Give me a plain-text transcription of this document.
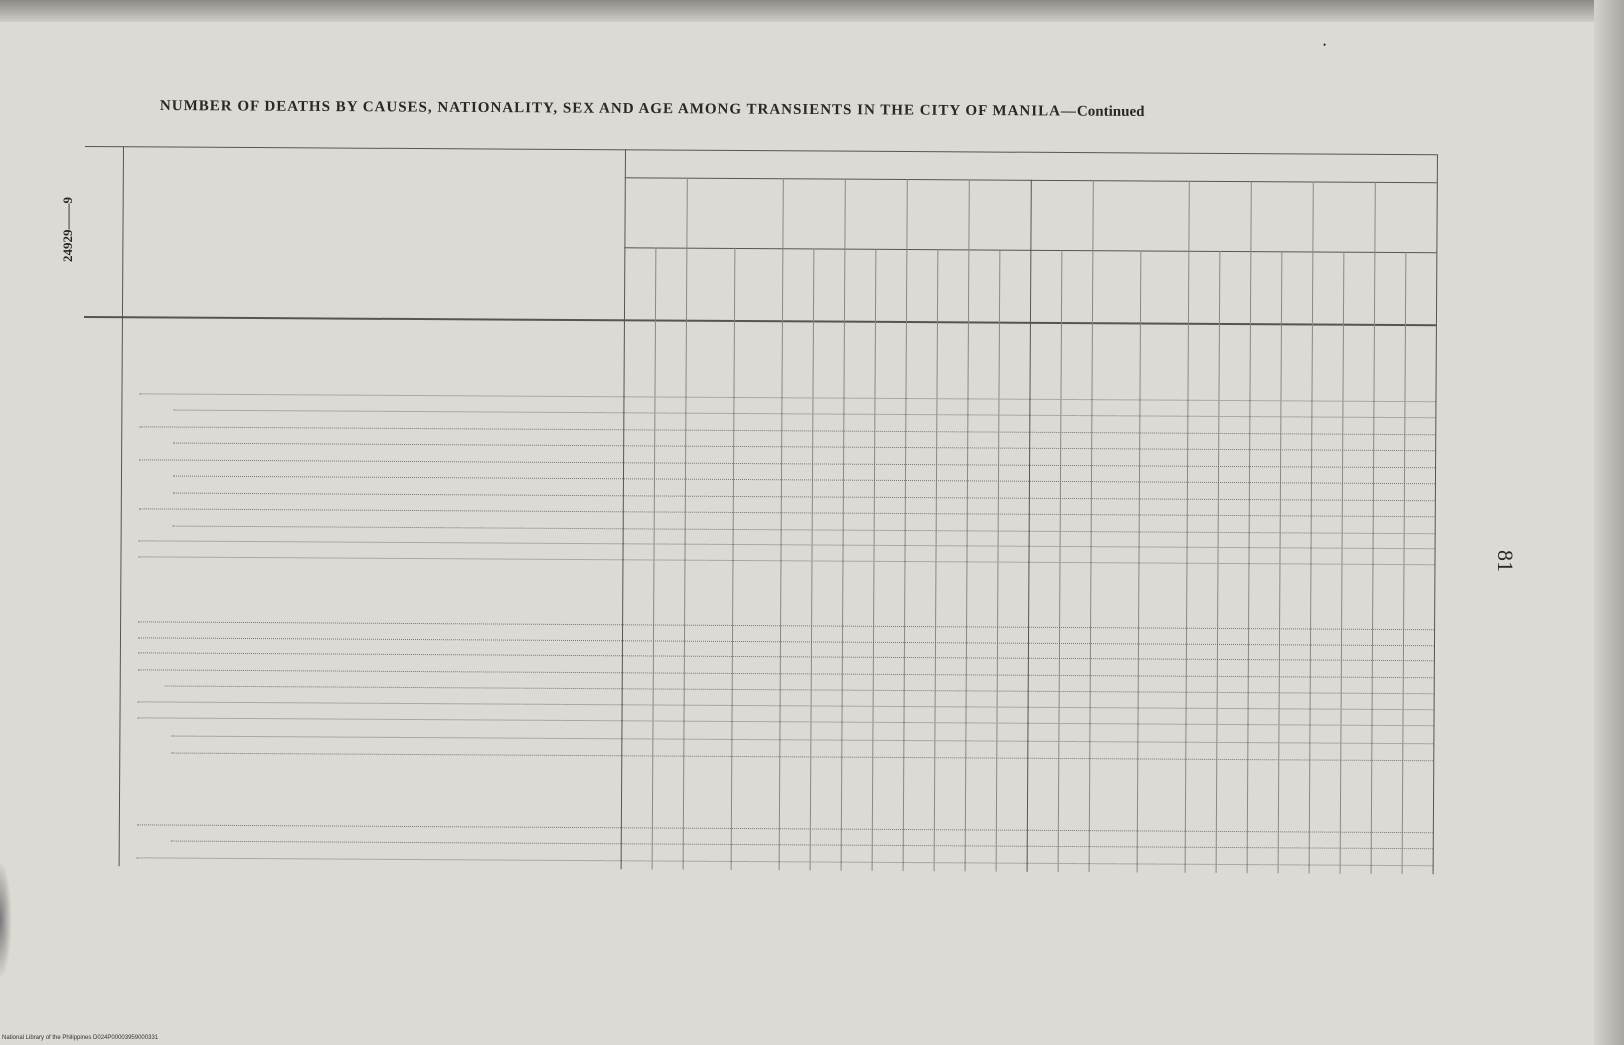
•
NUMBER OF DEATHS BY CAUSES, NATIONALITY, SEX AND AGE AMONG TRANSIENTS IN THE CITY OF MANILA—Continued
24929——9
81
National Library of the Philippines D024P00003959000331
